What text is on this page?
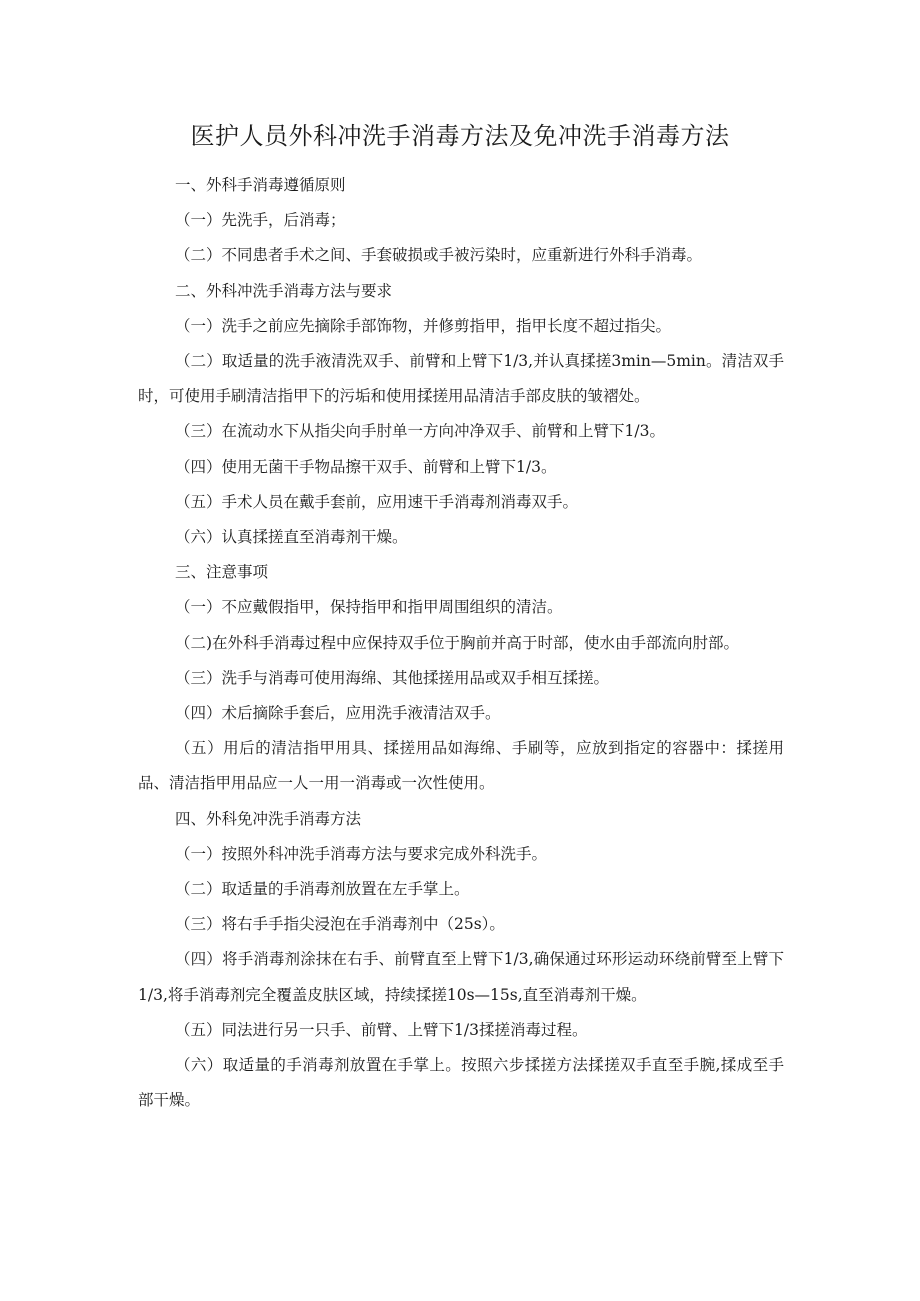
医护人员外科冲洗手消毒方法及免冲洗手消毒方法

一、外科手消毒遵循原则

（一）先洗手，后消毒；

（二）不同患者手术之间、手套破损或手被污染时，应重新进行外科手消毒。

二、外科冲洗手消毒方法与要求

（一）洗手之前应先摘除手部饰物，并修剪指甲，指甲长度不超过指尖。

（二）取适量的洗手液清洗双手、前臂和上臂下1/3,并认真揉搓3min—5min。清洁双手时，可使用手刷清洁指甲下的污垢和使用揉搓用品清洁手部皮肤的皱褶处。

（三）在流动水下从指尖向手肘单一方向冲净双手、前臂和上臂下1/3。

（四）使用无菌干手物品擦干双手、前臂和上臂下1/3。

（五）手术人员在戴手套前，应用速干手消毒剂消毒双手。

（六）认真揉搓直至消毒剂干燥。

三、注意事项

（一）不应戴假指甲，保持指甲和指甲周围组织的清洁。

（二)在外科手消毒过程中应保持双手位于胸前并高于时部，使水由手部流向肘部。

（三）洗手与消毒可使用海绵、其他揉搓用品或双手相互揉搓。

（四）术后摘除手套后，应用洗手液清洁双手。

（五）用后的清洁指甲用具、揉搓用品如海绵、手刷等，应放到指定的容器中：揉搓用品、清洁指甲用品应一人一用一消毒或一次性使用。

四、外科免冲洗手消毒方法

（一）按照外科冲洗手消毒方法与要求完成外科洗手。

（二）取适量的手消毒剂放置在左手掌上。

（三）将右手手指尖浸泡在手消毒剂中（25s）。

（四）将手消毒剂涂抹在右手、前臂直至上臂下1/3,确保通过环形运动环绕前臂至上臂下1/3,将手消毒剂完全覆盖皮肤区域，持续揉搓10s—15s,直至消毒剂干燥。

（五）同法进行另一只手、前臂、上臂下1/3揉搓消毒过程。

（六）取适量的手消毒剂放置在手掌上。按照六步揉搓方法揉搓双手直至手腕,揉成至手部干燥。
